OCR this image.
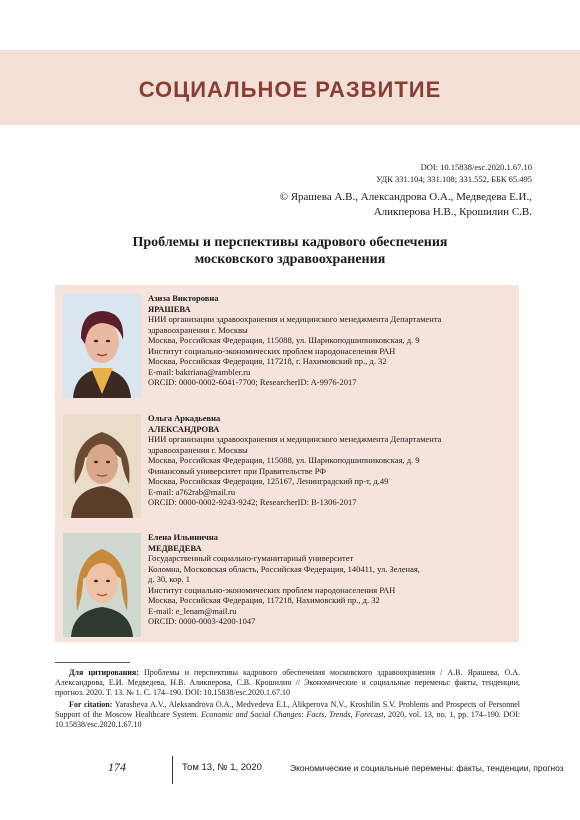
СОЦИАЛЬНОЕ РАЗВИТИЕ
DOI: 10.15838/esc.2020.1.67.10
УДК 331.104; 331.108; 331.552, ББК 65.495
© Ярашева А.В., Александрова О.А., Медведева Е.И.,
Аликперова Н.В., Крошилин С.В.
Проблемы и перспективы кадрового обеспечения
московского здравоохранения
Азиза Викторовна
ЯРАШЕВА
НИИ организации здравоохранения и медицинского менеджмента Департамента
здравоохранения г. Москвы
Москва, Российская Федерация, 115088, ул. Шарикоподшипниковская, д. 9
Институт социально-экономических проблем народонаселения РАН
Москва, Российская Федерация, 117218, г. Нахимовский пр., д. 32
E-mail: baktriana@rambler.ru
ORCID: 0000-0002-6041-7700; ResearcherID: A-9976-2017
Ольга Аркадьевна
АЛЕКСАНДРОВА
НИИ организации здравоохранения и медицинского менеджмента Департамента
здравоохранения г. Москвы
Москва, Российская Федерация, 115088, ул. Шарикоподшипниковская, д. 9
Финансовый университет при Правительстве РФ
Москва, Российская Федерация, 125167, Ленинградский пр-т, д.49
E-mail: a762rab@mail.ru
ORCID: 0000-0002-9243-9242; ResearcherID: B-1306-2017
Елена Ильинична
МЕДВЕДЕВА
Государственный социально-гуманитарный университет
Коломна, Московская область, Российская Федерация, 140411, ул. Зеленая,
д. 30, кор. 1
Институт социально-экономических проблем народонаселения РАН
Москва, Российская Федерация, 117218, Нахимовский пр., д. 32
E-mail: e_lenam@mail.ru
ORCID: 0000-0003-4200-1047
Для цитирования: Проблемы и перспективы кадрового обеспечения московского здравоохранения / А.В. Ярашева, О.А. Александрова, Е.И. Медведева, Н.В. Аликперова, С.В. Крошилин // Экономические и социальные перемены: факты, тенденции, прогноз. 2020. Т. 13. № 1. С. 174–190. DOI: 10.15838/esc.2020.1.67.10
For citation: Yarasheva A.V., Aleksandrova O.A., Medvedeva E.I., Alikperova N.V., Kroshilin S.V. Problems and Prospects of Personnel Support of the Moscow Healthcare System. Economic and Social Changes: Facts, Trends, Forecast, 2020, vol. 13, no. 1, pp. 174–190. DOI: 10.15838/esc.2020.1.67.10
174	Том 13, № 1, 2020	Экономические и социальные перемены: факты, тенденции, прогноз
